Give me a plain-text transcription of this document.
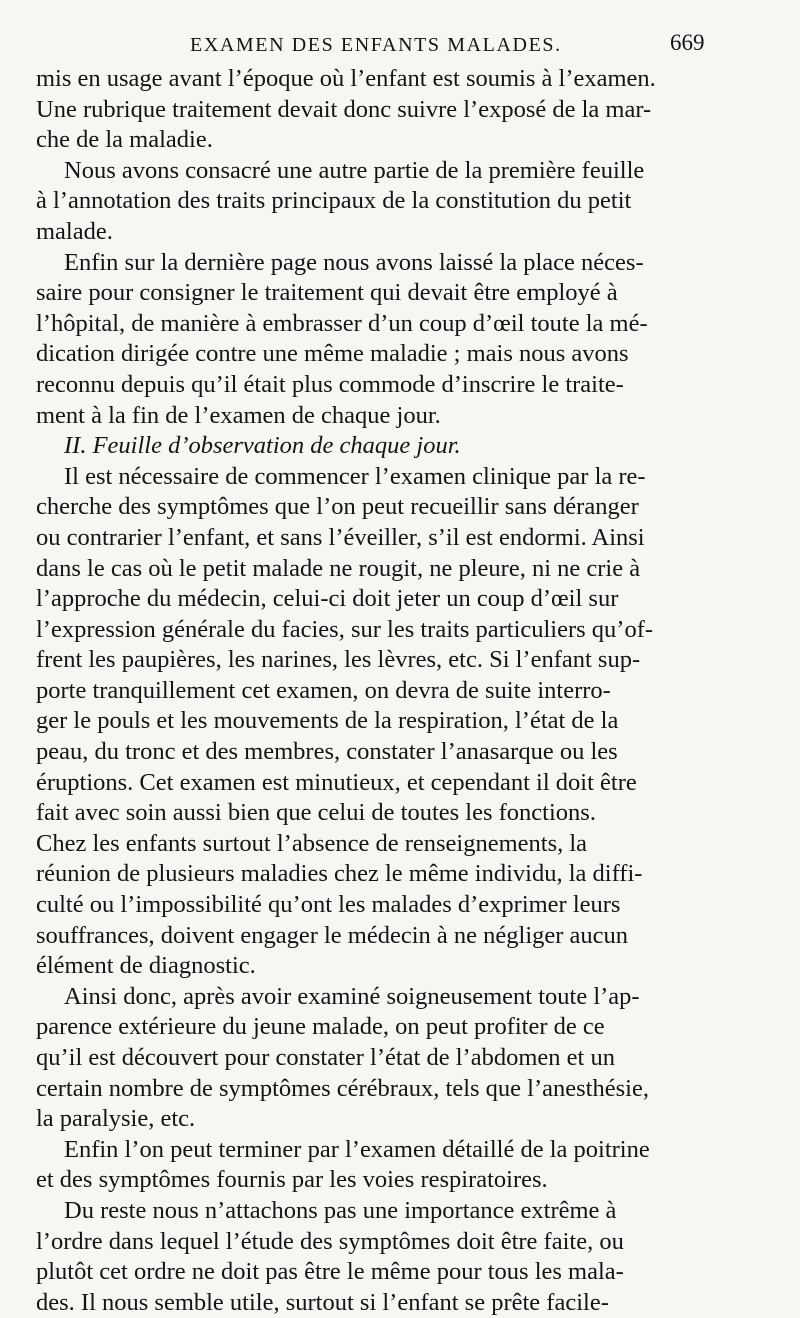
EXAMEN DES ENFANTS MALADES.	669
mis en usage avant l’époque où l’enfant est soumis à l’examen.
Une rubrique traitement devait donc suivre l’exposé de la mar-
che de la maladie.
Nous avons consacré une autre partie de la première feuille
à l’annotation des traits principaux de la constitution du petit
malade.
Enfin sur la dernière page nous avons laissé la place néces-
saire pour consigner le traitement qui devait être employé à
l’hôpital, de manière à embrasser d’un coup d’œil toute la mé-
dication dirigée contre une même maladie ; mais nous avons
reconnu depuis qu’il était plus commode d’inscrire le traite-
ment à la fin de l’examen de chaque jour.
II. Feuille d’observation de chaque jour.
Il est nécessaire de commencer l’examen clinique par la re-
cherche des symptômes que l’on peut recueillir sans déranger
ou contrarier l’enfant, et sans l’éveiller, s’il est endormi. Ainsi
dans le cas où le petit malade ne rougit, ne pleure, ni ne crie à
l’approche du médecin, celui-ci doit jeter un coup d’œil sur
l’expression générale du facies, sur les traits particuliers qu’of-
frent les paupières, les narines, les lèvres, etc. Si l’enfant sup-
porte tranquillement cet examen, on devra de suite interro-
ger le pouls et les mouvements de la respiration, l’état de la
peau, du tronc et des membres, constater l’anasarque ou les
éruptions. Cet examen est minutieux, et cependant il doit être
fait avec soin aussi bien que celui de toutes les fonctions.
Chez les enfants surtout l’absence de renseignements, la
réunion de plusieurs maladies chez le même individu, la diffi-
culté ou l’impossibilité qu’ont les malades d’exprimer leurs
souffrances, doivent engager le médecin à ne négliger aucun
élément de diagnostic.
Ainsi donc, après avoir examiné soigneusement toute l’ap-
parence extérieure du jeune malade, on peut profiter de ce
qu’il est découvert pour constater l’état de l’abdomen et un
certain nombre de symptômes cérébraux, tels que l’anesthésie,
la paralysie, etc.
Enfin l’on peut terminer par l’examen détaillé de la poitrine
et des symptômes fournis par les voies respiratoires.
Du reste nous n’attachons pas une importance extrême à
l’ordre dans lequel l’étude des symptômes doit être faite, ou
plutôt cet ordre ne doit pas être le même pour tous les mala-
des. Il nous semble utile, surtout si l’enfant se prête facile-
